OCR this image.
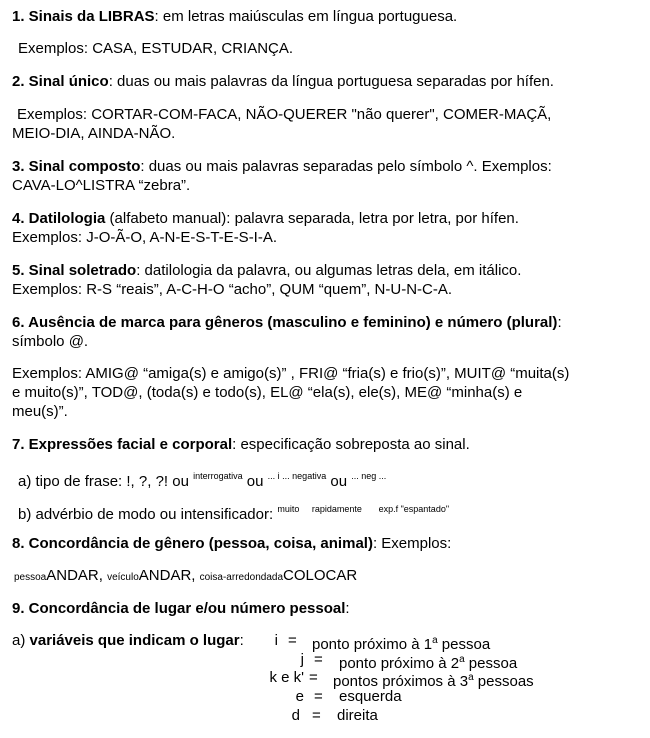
1. Sinais da LIBRAS: em letras maiúsculas em língua portuguesa.
Exemplos: CASA, ESTUDAR, CRIANÇA.
2. Sinal único: duas ou mais palavras da língua portuguesa separadas por hífen.
Exemplos: CORTAR-COM-FACA, NÃO-QUERER "não querer", COMER-MAÇÃ,
MEIO-DIA, AINDA-NÃO.
3. Sinal composto: duas ou mais palavras separadas pelo símbolo ^. Exemplos:
CAVA-LO^LISTRA “zebra”.
4. Datilologia (alfabeto manual): palavra separada, letra por letra, por hífen.
Exemplos: J-O-Ã-O, A-N-E-S-T-E-S-I-A.
5. Sinal soletrado: datilologia da palavra, ou algumas letras dela, em itálico.
Exemplos: R-S “reais”, A-C-H-O “acho”, QUM “quem”, N-U-N-C-A.
6. Ausência de marca para gêneros (masculino e feminino) e número (plural):
símbolo @.
Exemplos: AMIG@ “amiga(s) e amigo(s)” , FRI@ “fria(s) e frio(s)”, MUIT@ “muita(s)
e muito(s)”, TOD@, (toda(s) e todo(s), EL@ “ela(s), ele(s), ME@ “minha(s) e
meu(s)”.
7. Expressões facial e corporal: especificação sobreposta ao sinal.
a) tipo de frase: !, ?, ?! ou $^{interrogativa}$ ou $^{... i ... negativa}$ ou $^{... neg ...}$
b) advérbio de modo ou intensificador: $^{muito}$ $^{rapidamente}$ $^{exp.f "espantado"}$
8. Concordância de gênero (pessoa, coisa, animal): Exemplos:
pessoaANDAR, veículoANDAR, coisa-arredondadaCOLOCAR
9. Concordância de lugar e/ou número pessoal:
a) variáveis que indicam o lugar:	i = ponto próximo à 1$^a$ pessoa
j = ponto próximo à 2$^a$ pessoa
k e k' = pontos próximos à 3$^a$ pessoas
e = esquerda
d = direita
